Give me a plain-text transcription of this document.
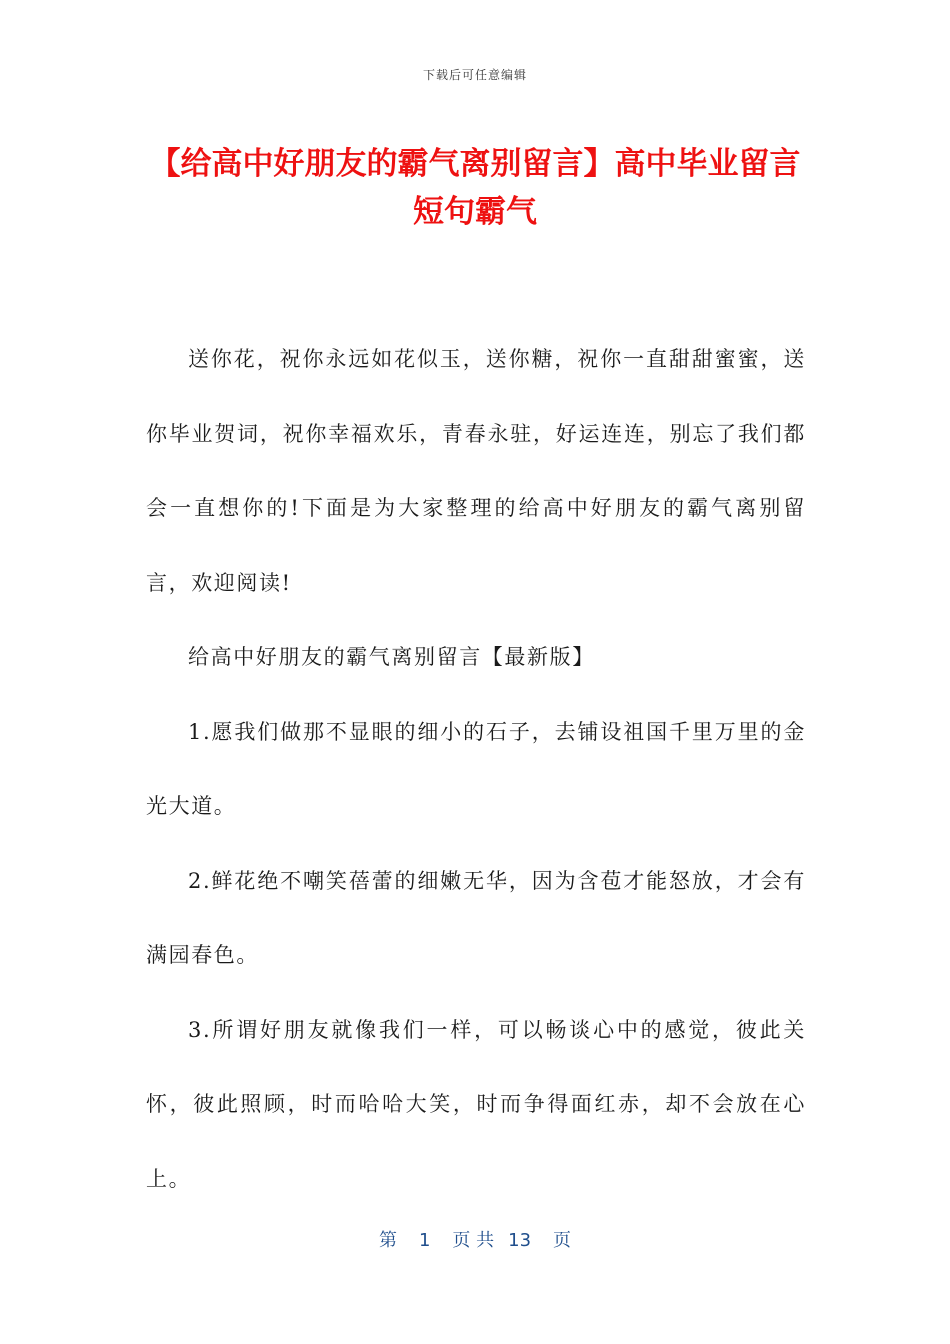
下载后可任意编辑
【给高中好朋友的霸气离别留言】高中毕业留言短句霸气

送你花，祝你永远如花似玉，送你糖，祝你一直甜甜蜜蜜，送你毕业贺词，祝你幸福欢乐，青春永驻，好运连连，别忘了我们都会一直想你的!下面是为大家整理的给高中好朋友的霸气离别留言，欢迎阅读!

给高中好朋友的霸气离别留言【最新版】

1.愿我们做那不显眼的细小的石子，去铺设祖国千里万里的金光大道。

2.鲜花绝不嘲笑蓓蕾的细嫩无华，因为含苞才能怒放，才会有满园春色。

3.所谓好朋友就像我们一样，可以畅谈心中的感觉，彼此关怀，彼此照顾，时而哈哈大笑，时而争得面红赤，却不会放在心上。

第 1 页 共 13 页
